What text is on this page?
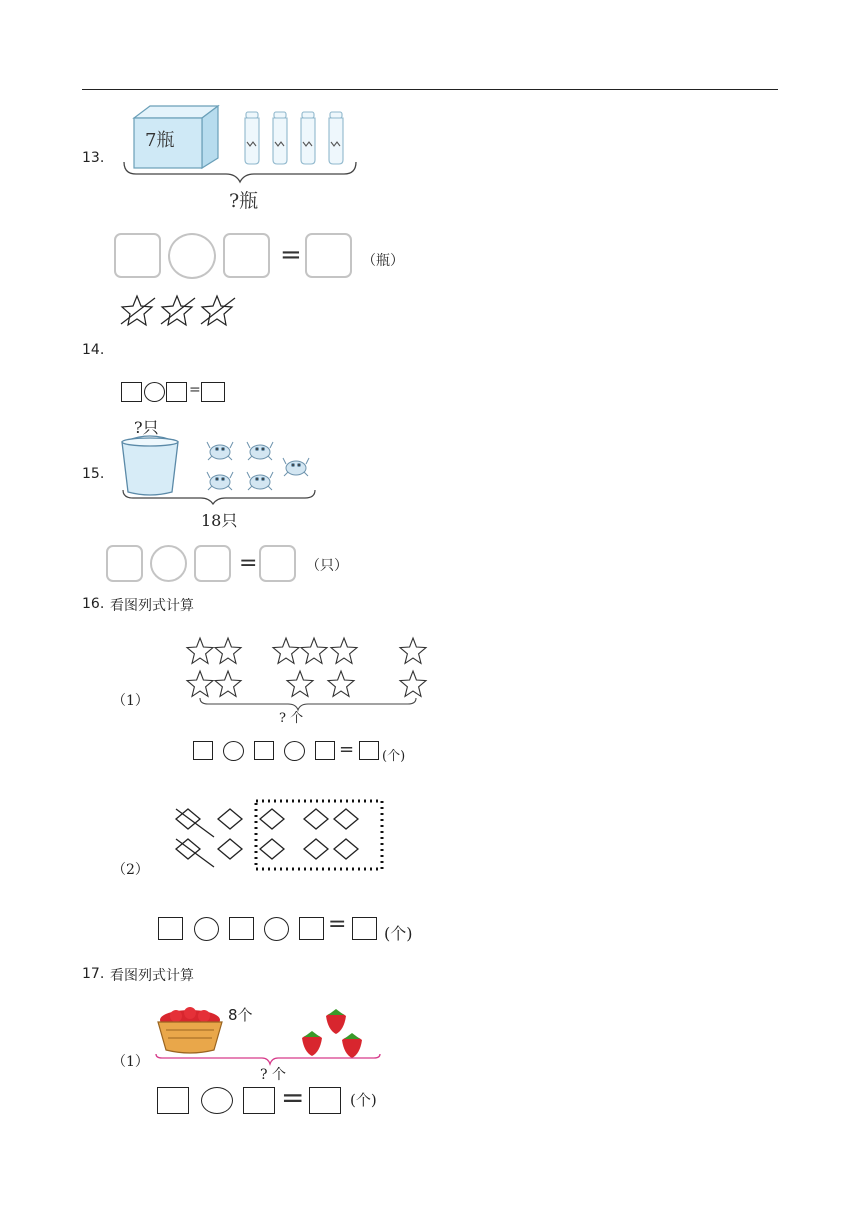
13.
7瓶
?瓶
=	（瓶）
14.
=
?只
15.
18只
=	（只）
16. 看图列式计算
（1）
? 个
= (个)
（2）
= (个)
17. 看图列式计算
（1）
8个
? 个
=	(个)
